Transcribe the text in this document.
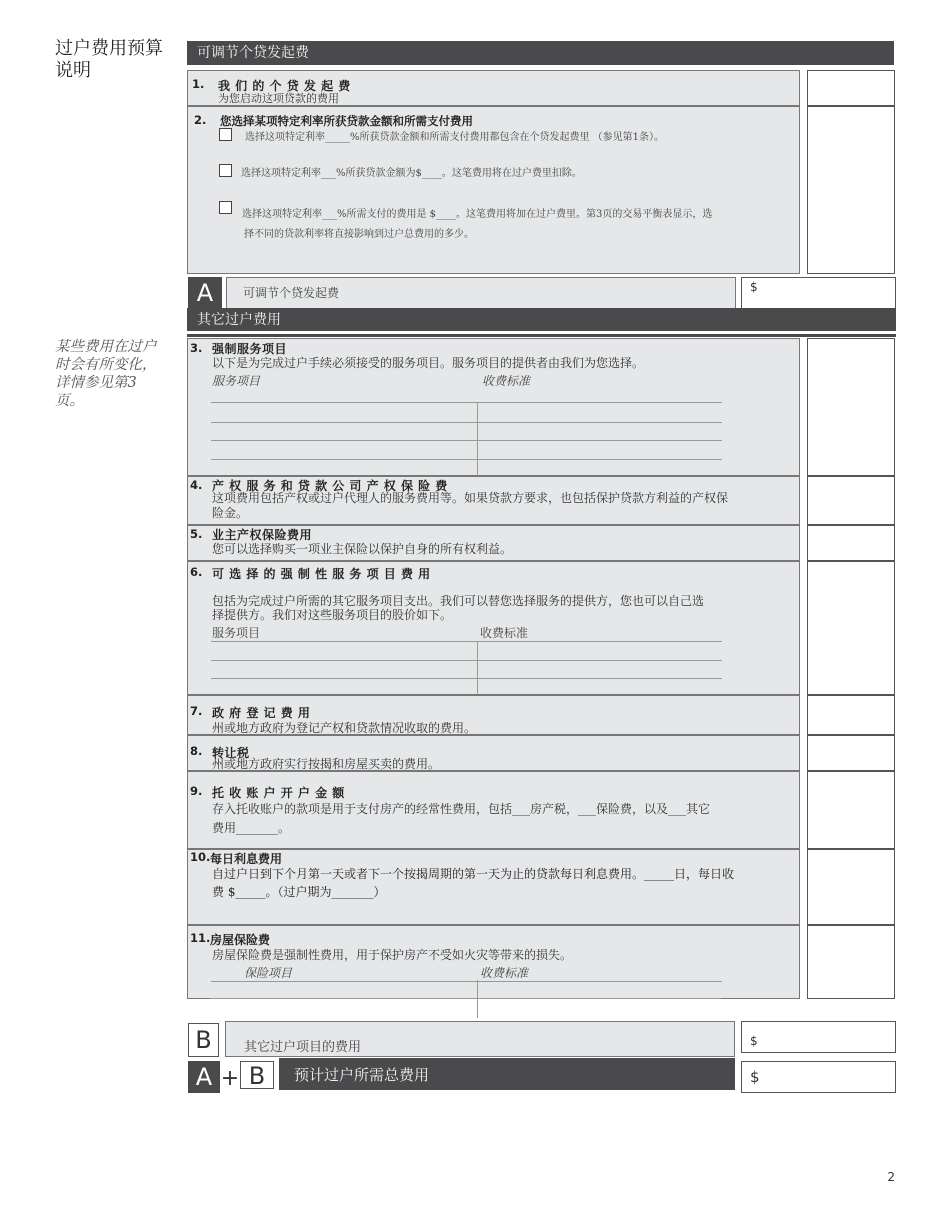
过户费用预算说明
某些费用在过户时会有所变化，详情参见第3页。
可调节个贷发起费
1. 我 们 的 个 贷 发 起 费
为您启动这项贷款的费用
2. 您选择某项特定利率所获贷款金额和所需支付费用
选择这项特定利率_____%所获贷款金额和所需支付费用都包含在个贷发起费里 （参见第1条）。
选择这项特定利率___%所获贷款金额为$____。这笔费用将在过户费里扣除。
选择这项特定利率___%所需支付的费用是 $____。这笔费用将加在过户费里。第3页的交易平衡表显示，选
择不同的贷款利率将直接影响到过户总费用的多少。
A	可调节个贷发起费	$
其它过户费用
3. 强制服务项目
以下是为完成过户手续必须接受的服务项目。服务项目的提供者由我们为您选择。
服务项目	收费标准
4. 产 权 服 务 和 贷 款 公 司 产 权 保 险 费
这项费用包括产权或过户代理人的服务费用等。如果贷款方要求，也包括保护贷款方利益的产权保
险金。
5. 业主产权保险费用
您可以选择购买一项业主保险以保护自身的所有权利益。
6. 可 选 择 的 强 制 性 服 务 项 目 费 用
包括为完成过户所需的其它服务项目支出。我们可以替您选择服务的提供方，您也可以自己选
择提供方。我们对这些服务项目的股价如下。
服务项目	收费标准
7. 政 府 登 记 费 用
州或地方政府为登记产权和贷款情况收取的费用。
8. 转让税
州或地方政府实行按揭和房屋买卖的费用。
9. 托 收 账 户 开 户 金 额
存入托收账户的款项是用于支付房产的经常性费用，包括___房产税，___保险费，以及___其它
费用_______。
10. 每日利息费用
自过户日到下个月第一天或者下一个按揭周期的第一天为止的贷款每日利息费用。_____日，每日收
费 $_____。（过户期为_______）
11. 房屋保险费
房屋保险费是强制性费用，用于保护房产不受如火灾等带来的损失。
保险项目	收费标准
B	其它过户项目的费用	$
A + B	预计过户所需总费用	$
2
